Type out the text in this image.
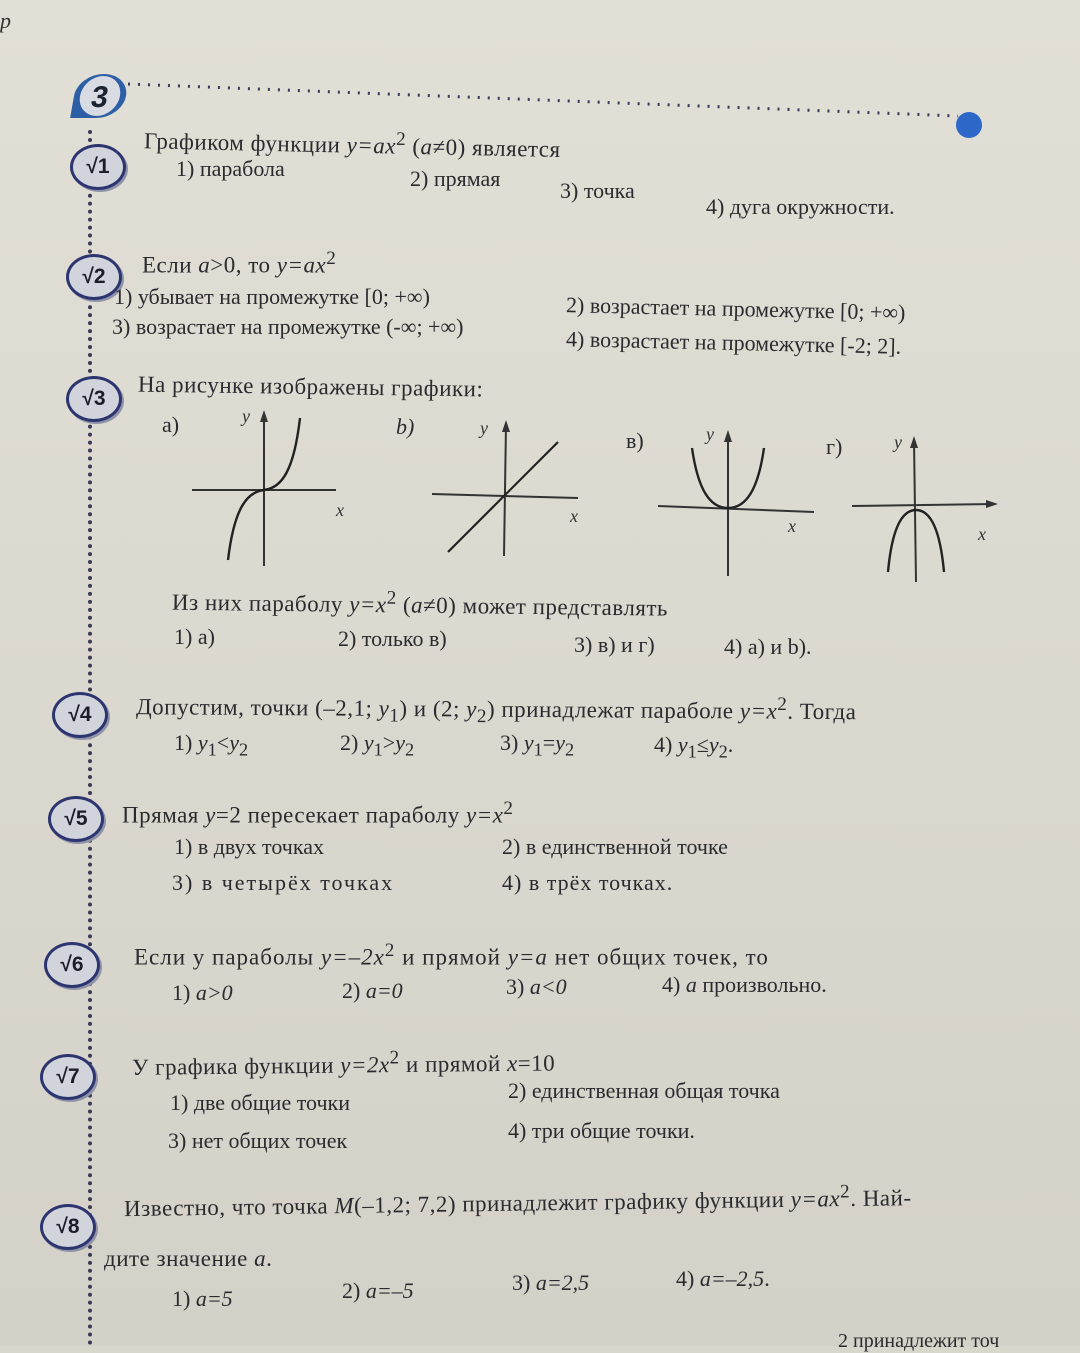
р
3
√1
Графиком функции $y=ax^2$ (a≠0) является
1) парабола	2) прямая	3) точка
4) дуга окружности.
√2	Если a>0, то $y=ax^2$
1) убывает на промежутке [0; +∞)	2) возрастает на промежутке [0; +∞)
3) возрастает на промежутке (-∞; +∞)	4) возрастает на промежутке [-2; 2].
√3	На рисунке изображены графики:
а)	y
x
b)	y
x
в)	y
x
г)	y
x
Из них параболу $y=x^2$ (a≠0) может представлять
1) а)	2) только в)	3) в) и г)	4) а) и b).
√4	Допустим, точки (–2,1; $y_1$) и (2; $y_2$) принадлежат параболе $y=x^2$. Тогда
1) $y_1<y_2$	2) $y_1>y_2$	3) $y_1=y_2$	4) $y_1\le y_2$.
√5	Прямая y=2 пересекает параболу $y=x^2$
1) в двух точках	2) в единственной точке
3) в четырёх точках	4) в трёх точках.
√6	Если у параболы $y=-2x^2$ и прямой y=a нет общих точек, то
1) a>0	2) a=0	3) a<0	4) a произвольно.
√7	У графика функции $y=2x^2$ и прямой x=10
1) две общие точки	2) единственная общая точка
3) нет общих точек	4) три общие точки.
√8
Известно, что точка M(–1,2; 7,2) принадлежит графику функции $y=ax^2$. Най-
дите значение a.
1) a=5	2) a=–5	3) a=2,5	4) a=–2,5.
2 принадлежит точ
